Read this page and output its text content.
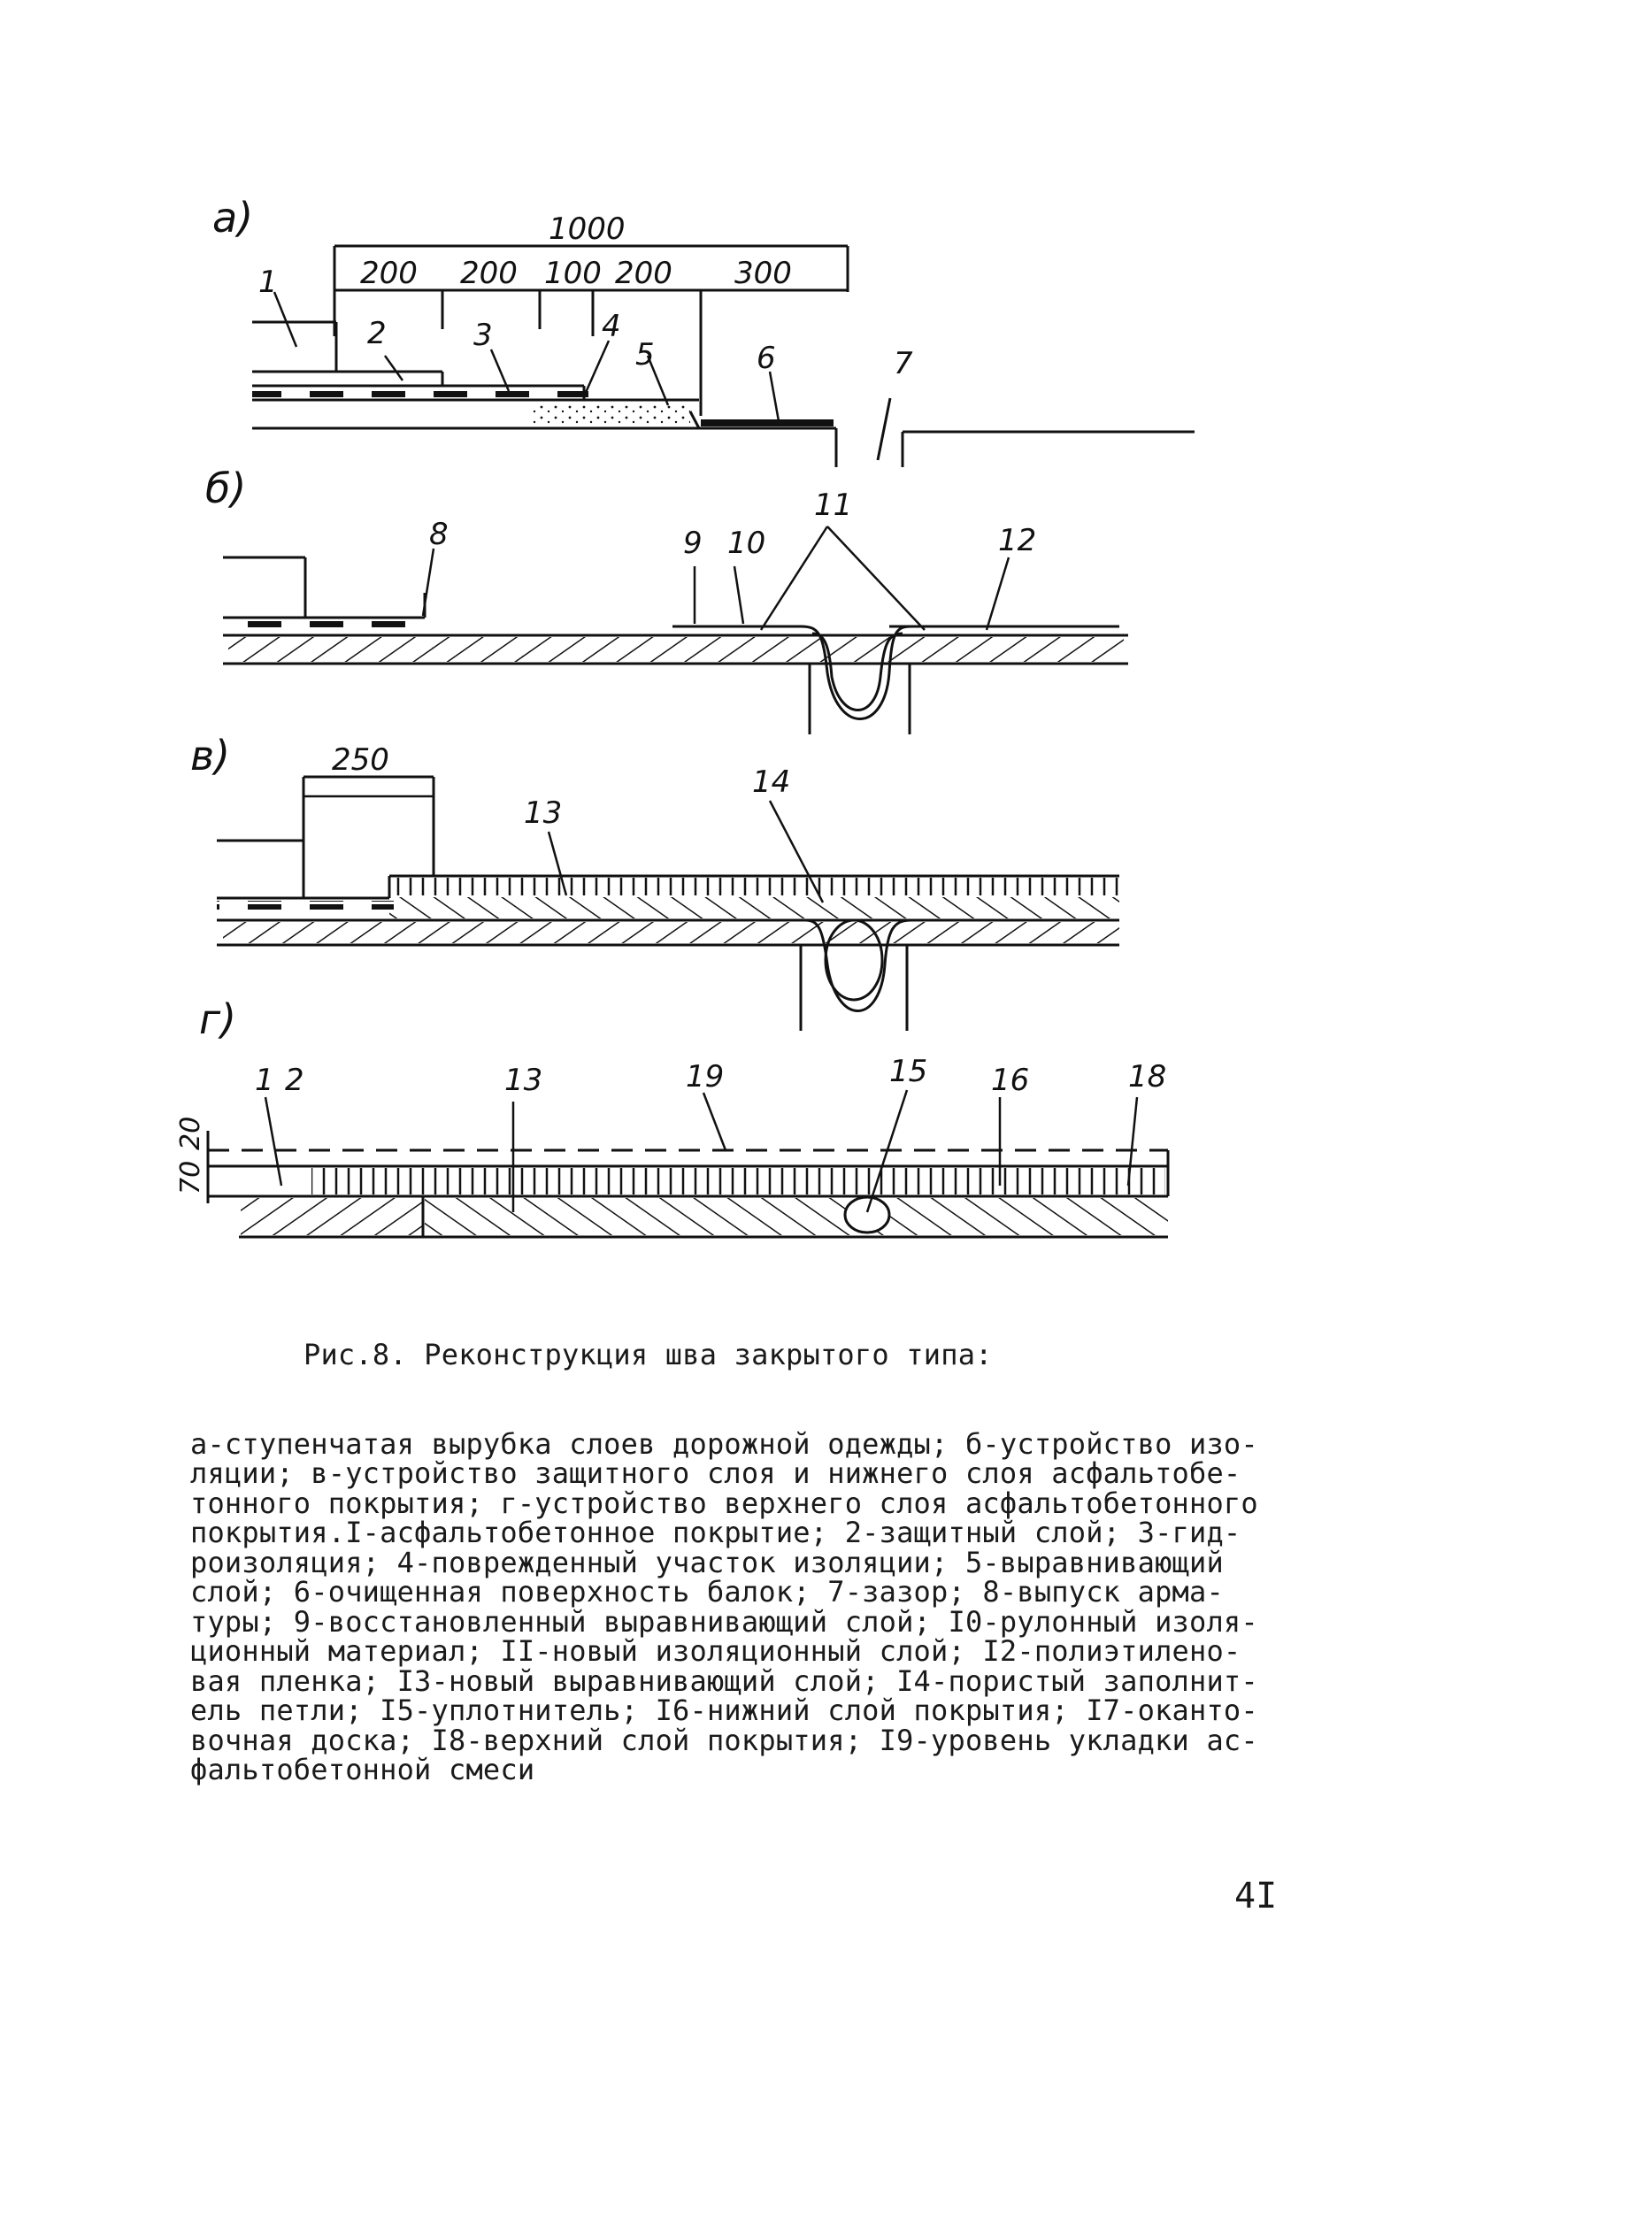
а)	1000
200 200 100 200 300
1
2	3	4
5	6	7
б)
8	9 10
11
12
в)	250
13
14
г)
1 2	13	19	15 16	18
70
20

Рис.8. Реконструкция шва закрытого типа:

а-ступенчатая вырубка слоев дорожной одежды; б-устройство изо-
ляции; в-устройство защитного слоя и нижнего слоя асфальтобе-
тонного покрытия; г-устройство верхнего слоя асфальтобетонного
покрытия.I-асфальтобетонное покрытие; 2-защитный слой; 3-гид-
роизоляция; 4-поврежденный участок изоляции; 5-выравнивающий
слой; 6-очищенная поверхность балок; 7-зазор; 8-выпуск армa-
туры; 9-восстановленный выравнивающий слой; I0-рулонный изоля-
ционный материал; II-новый изоляционный слой; I2-полиэтилено-
вая пленка; I3-новый выравнивающий слой; I4-пористый заполнит-
ель петли; I5-уплотнитель; I6-нижний слой покрытия; I7-оканто-
вочная доска; I8-верхний слой покрытия; I9-уровень укладки ас-
фальтобетонной смеси

4I
